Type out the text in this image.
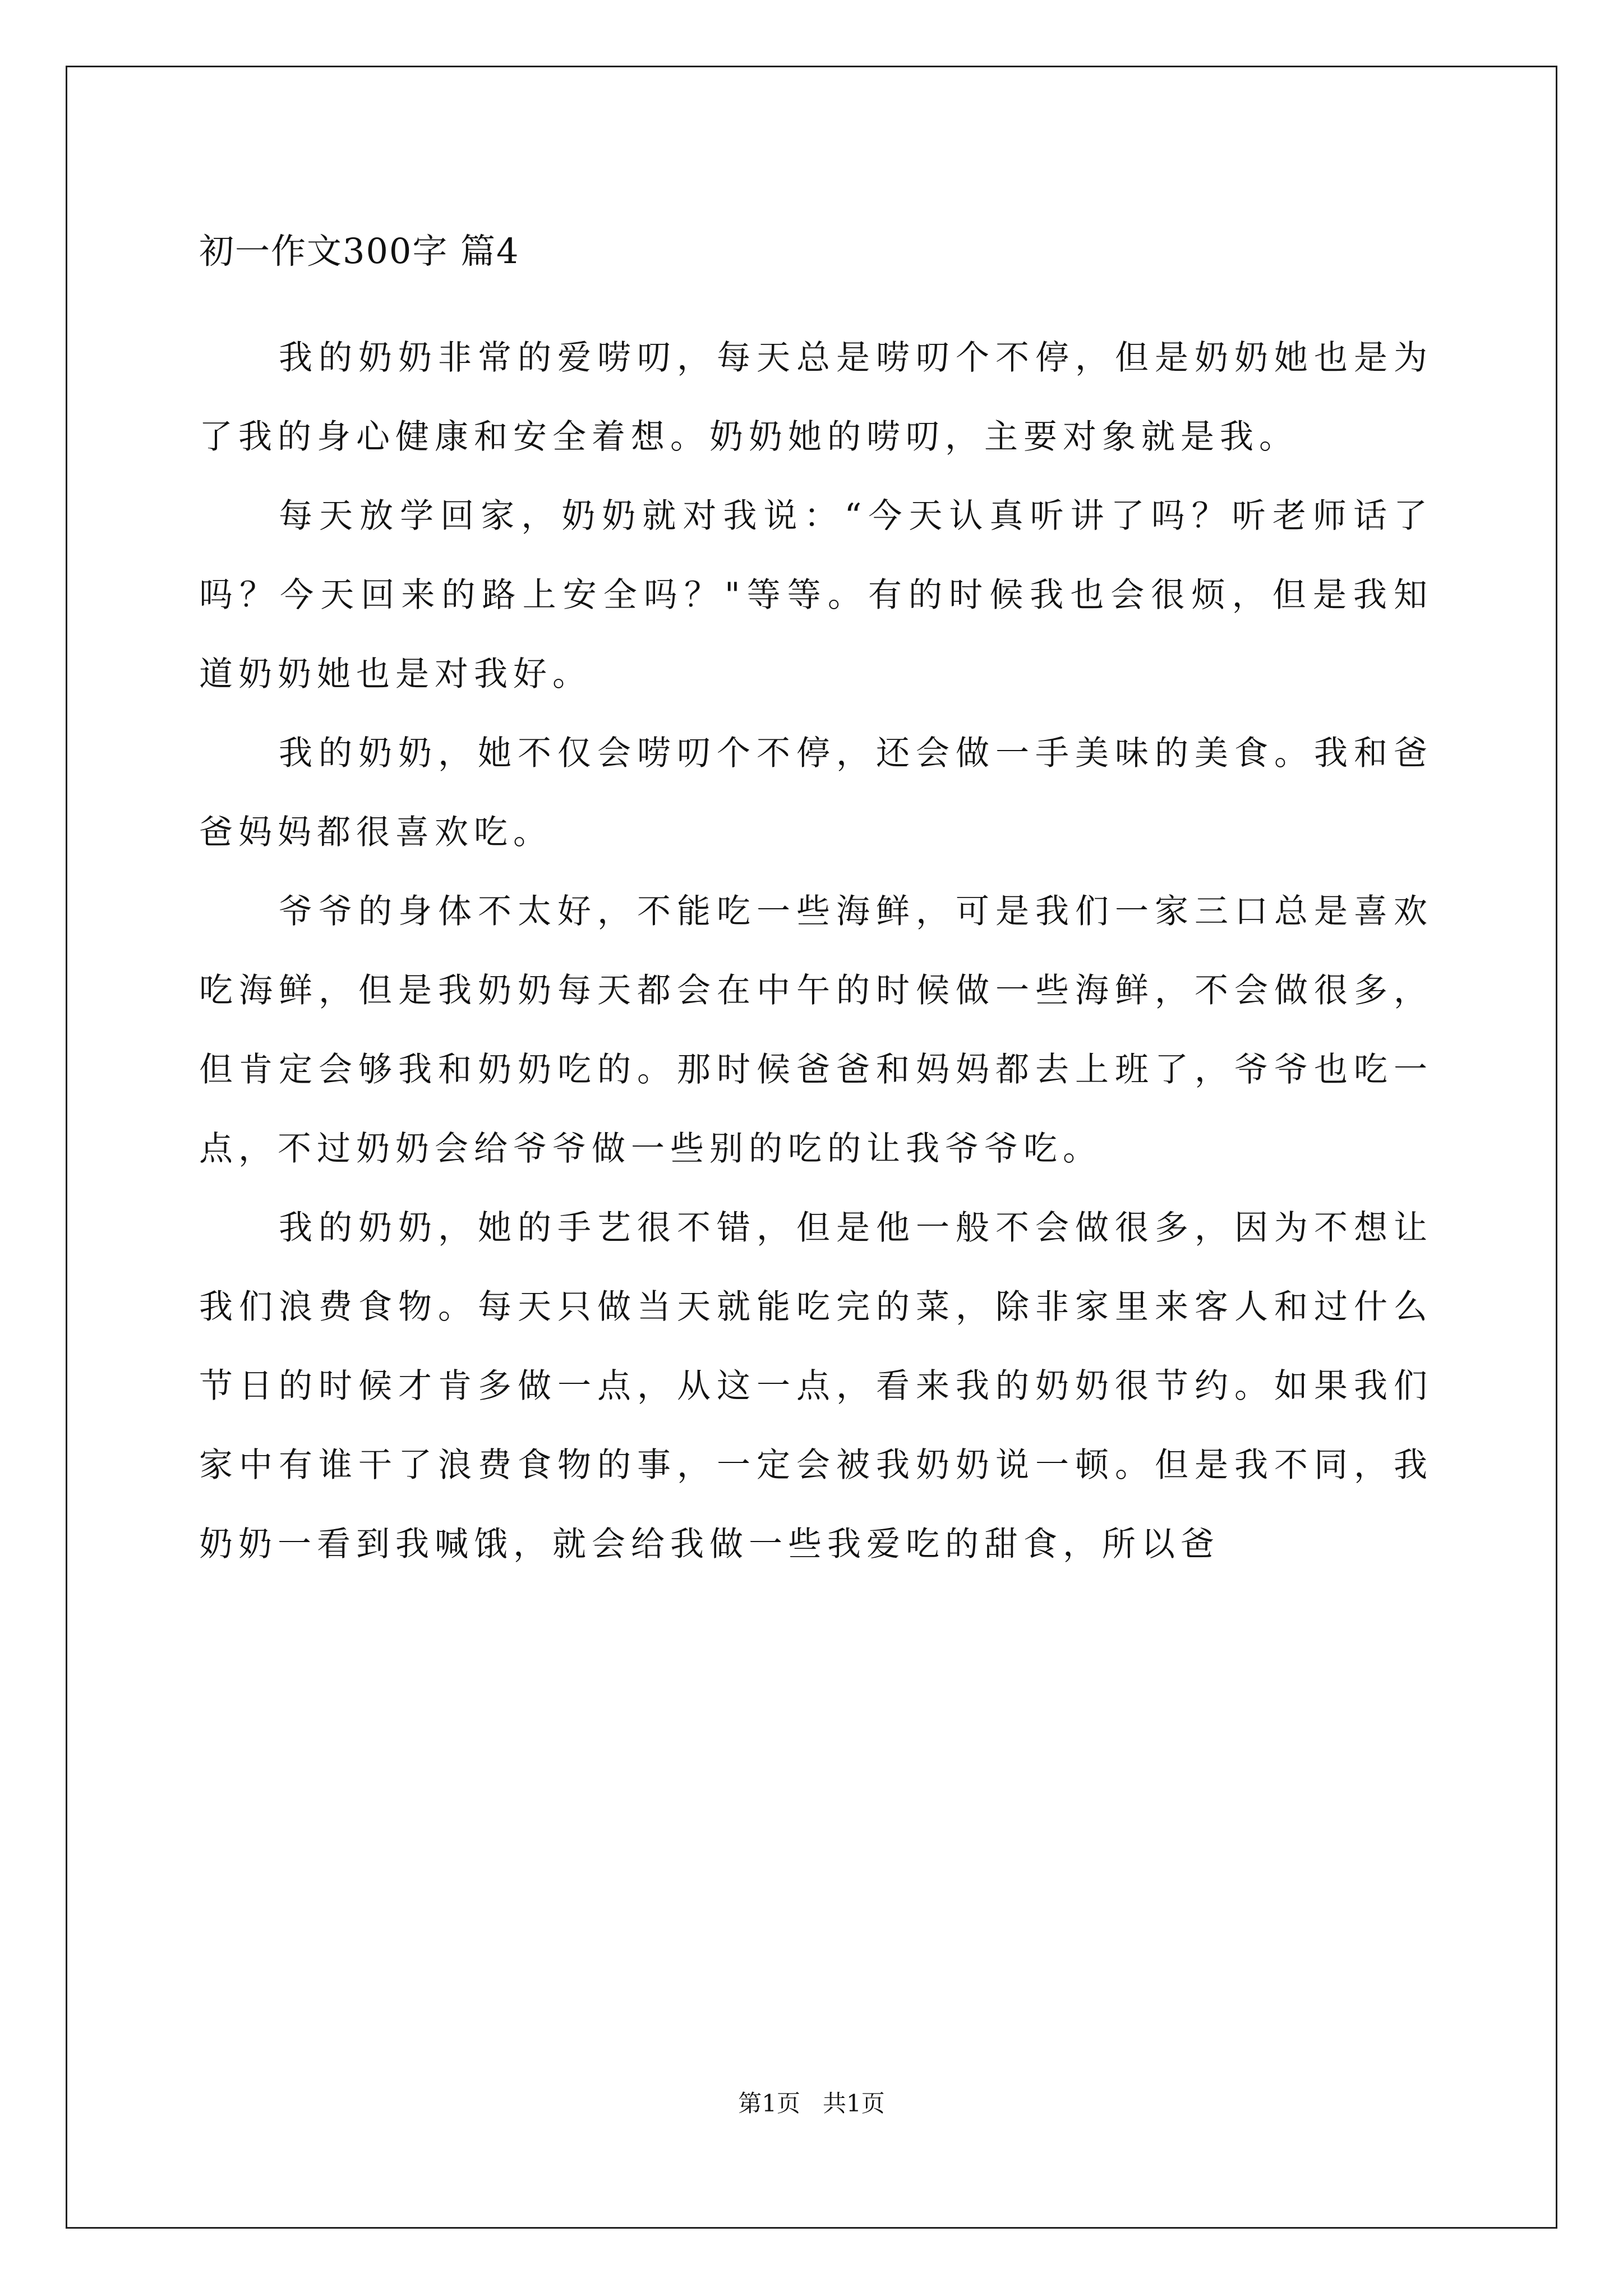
初一作文300字 篇4

我的奶奶非常的爱唠叨，每天总是唠叨个不停，但是奶奶她也是为了我的身心健康和安全着想。奶奶她的唠叨，主要对象就是我。

每天放学回家，奶奶就对我说：“今天认真听讲了吗？听老师话了吗？今天回来的路上安全吗？"等等。有的时候我也会很烦，但是我知道奶奶她也是对我好。

我的奶奶，她不仅会唠叨个不停，还会做一手美味的美食。我和爸爸妈妈都很喜欢吃。

爷爷的身体不太好，不能吃一些海鲜，可是我们一家三口总是喜欢吃海鲜，但是我奶奶每天都会在中午的时候做一些海鲜，不会做很多，但肯定会够我和奶奶吃的。那时候爸爸和妈妈都去上班了，爷爷也吃一点，不过奶奶会给爷爷做一些别的吃的让我爷爷吃。

我的奶奶，她的手艺很不错，但是他一般不会做很多，因为不想让我们浪费食物。每天只做当天就能吃完的菜，除非家里来客人和过什么节日的时候才肯多做一点，从这一点，看来我的奶奶很节约。如果我们家中有谁干了浪费食物的事，一定会被我奶奶说一顿。但是我不同，我奶奶一看到我喊饿，就会给我做一些我爱吃的甜食，所以爸

第1页   共1页
